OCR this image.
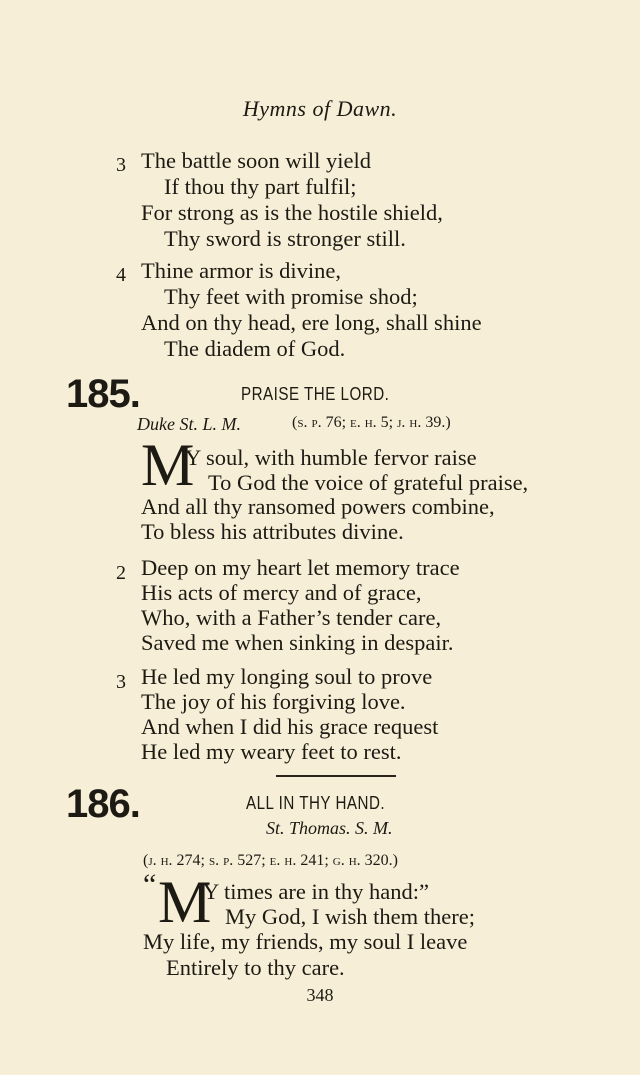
Hymns of Dawn.
3 The battle soon will yield
If thou thy part fulfil;
For strong as is the hostile shield,
Thy sword is stronger still.
4 Thine armor is divine,
Thy feet with promise shod;
And on thy head, ere long, shall shine
The diadem of God.
185.	PRAISE THE LORD.
Duke St. L. M.	(s. p. 76; e. h. 5; j. h. 39.)
M
Y soul, with humble fervor raise
To God the voice of grateful praise,
And all thy ransomed powers combine,
To bless his attributes divine.
2 Deep on my heart let memory trace
His acts of mercy and of grace,
Who, with a Father’s tender care,
Saved me when sinking in despair.
3 He led my longing soul to prove
The joy of his forgiving love.
And when I did his grace request
He led my weary feet to rest.
186.	ALL IN THY HAND.
St. Thomas. S. M.
(j. h. 274; s. p. 527; e. h. 241; g. h. 320.)
“ M
Y times are in thy hand:”
My God, I wish them there;
My life, my friends, my soul I leave
Entirely to thy care.
348
